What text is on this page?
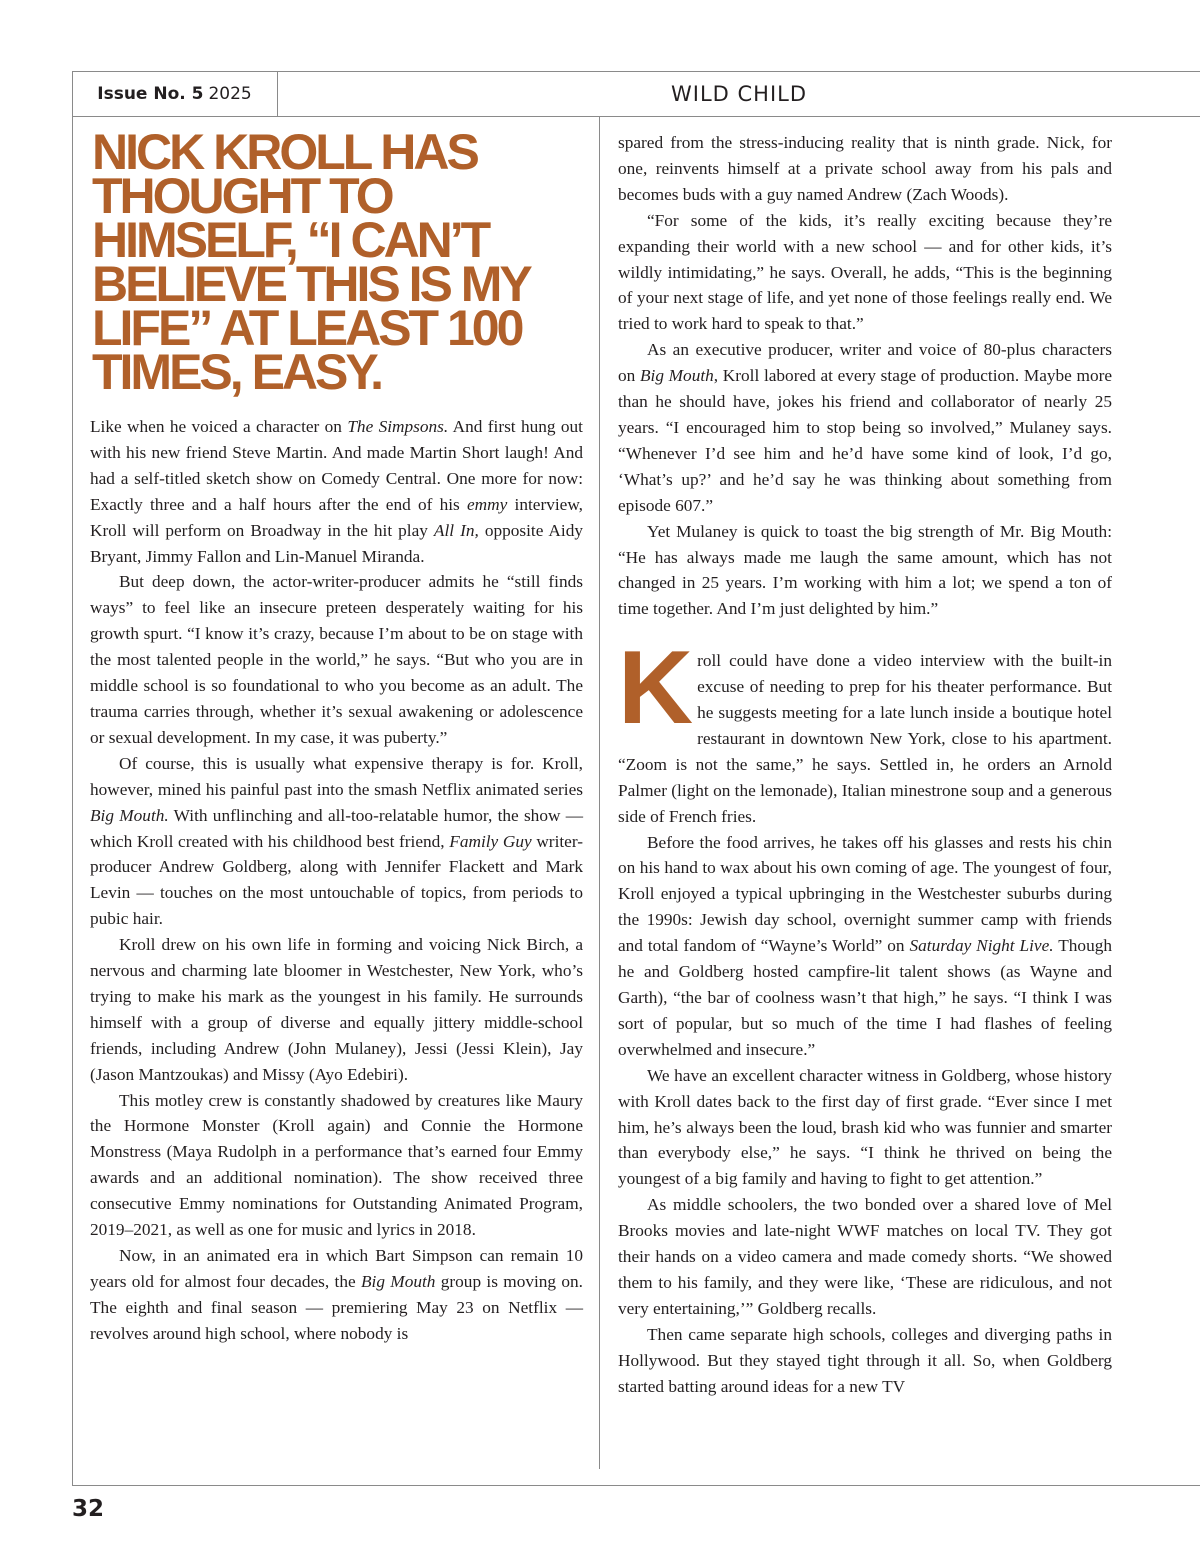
Issue No. 5 2025	WILD CHILD
NICK KROLL HAS THOUGHT TO HIMSELF, “I CAN’T BELIEVE THIS IS MY LIFE” AT LEAST 100 TIMES, EASY.

Like when he voiced a character on The Simpsons. And first hung out with his new friend Steve Martin. And made Martin Short laugh! And had a self-titled sketch show on Comedy Central. One more for now: Exactly three and a half hours after the end of his emmy interview, Kroll will perform on Broadway in the hit play All In, opposite Aidy Bryant, Jimmy Fallon and Lin-Manuel Miranda.

But deep down, the actor-writer-producer admits he “still finds ways” to feel like an insecure preteen desperately waiting for his growth spurt. “I know it’s crazy, because I’m about to be on stage with the most talented people in the world,” he says. “But who you are in middle school is so foundational to who you become as an adult. The trauma carries through, whether it’s sexual awakening or adolescence or sexual development. In my case, it was puberty.”

Of course, this is usually what expensive therapy is for. Kroll, however, mined his painful past into the smash Netflix animated series Big Mouth. With unflinching and all-too-relatable humor, the show — which Kroll created with his childhood best friend, Family Guy writer-producer Andrew Goldberg, along with Jennifer Flackett and Mark Levin — touches on the most untouchable of topics, from periods to pubic hair.

Kroll drew on his own life in forming and voicing Nick Birch, a nervous and charming late bloomer in Westchester, New York, who’s trying to make his mark as the youngest in his family. He surrounds himself with a group of diverse and equally jittery middle-school friends, including Andrew (John Mulaney), Jessi (Jessi Klein), Jay (Jason Mantzoukas) and Missy (Ayo Edebiri).

This motley crew is constantly shadowed by creatures like Maury the Hormone Monster (Kroll again) and Connie the Hormone Monstress (Maya Rudolph in a performance that’s earned four Emmy awards and an additional nomination). The show received three consecutive Emmy nominations for Outstanding Animated Program, 2019–2021, as well as one for music and lyrics in 2018.

Now, in an animated era in which Bart Simpson can remain 10 years old for almost four decades, the Big Mouth group is moving on. The eighth and final season — premiering May 23 on Netflix — revolves around high school, where nobody is

spared from the stress-inducing reality that is ninth grade. Nick, for one, reinvents himself at a private school away from his pals and becomes buds with a guy named Andrew (Zach Woods).

“For some of the kids, it’s really exciting because they’re expanding their world with a new school — and for other kids, it’s wildly intimidating,” he says. Overall, he adds, “This is the beginning of your next stage of life, and yet none of those feelings really end. We tried to work hard to speak to that.”

As an executive producer, writer and voice of 80-plus characters on Big Mouth, Kroll labored at every stage of production. Maybe more than he should have, jokes his friend and collaborator of nearly 25 years. “I encouraged him to stop being so involved,” Mulaney says. “Whenever I’d see him and he’d have some kind of look, I’d go, ‘What’s up?’ and he’d say he was thinking about something from episode 607.”

Yet Mulaney is quick to toast the big strength of Mr. Big Mouth: “He has always made me laugh the same amount, which has not changed in 25 years. I’m working with him a lot; we spend a ton of time together. And I’m just delighted by him.”

Kroll could have done a video interview with the built-in excuse of needing to prep for his theater performance. But he suggests meeting for a late lunch inside a boutique hotel restaurant in downtown New York, close to his apartment. “Zoom is not the same,” he says. Settled in, he orders an Arnold Palmer (light on the lemonade), Italian minestrone soup and a generous side of French fries.

Before the food arrives, he takes off his glasses and rests his chin on his hand to wax about his own coming of age. The youngest of four, Kroll enjoyed a typical upbringing in the Westchester suburbs during the 1990s: Jewish day school, overnight summer camp with friends and total fandom of “Wayne’s World” on Saturday Night Live. Though he and Goldberg hosted campfire-lit talent shows (as Wayne and Garth), “the bar of coolness wasn’t that high,” he says. “I think I was sort of popular, but so much of the time I had flashes of feeling overwhelmed and insecure.”

We have an excellent character witness in Goldberg, whose history with Kroll dates back to the first day of first grade. “Ever since I met him, he’s always been the loud, brash kid who was funnier and smarter than everybody else,” he says. “I think he thrived on being the youngest of a big family and having to fight to get attention.”

As middle schoolers, the two bonded over a shared love of Mel Brooks movies and late-night WWF matches on local TV. They got their hands on a video camera and made comedy shorts. “We showed them to his family, and they were like, ‘These are ridiculous, and not very entertaining,’” Goldberg recalls.

Then came separate high schools, colleges and diverging paths in Hollywood. But they stayed tight through it all. So, when Goldberg started batting around ideas for a new TV

32
